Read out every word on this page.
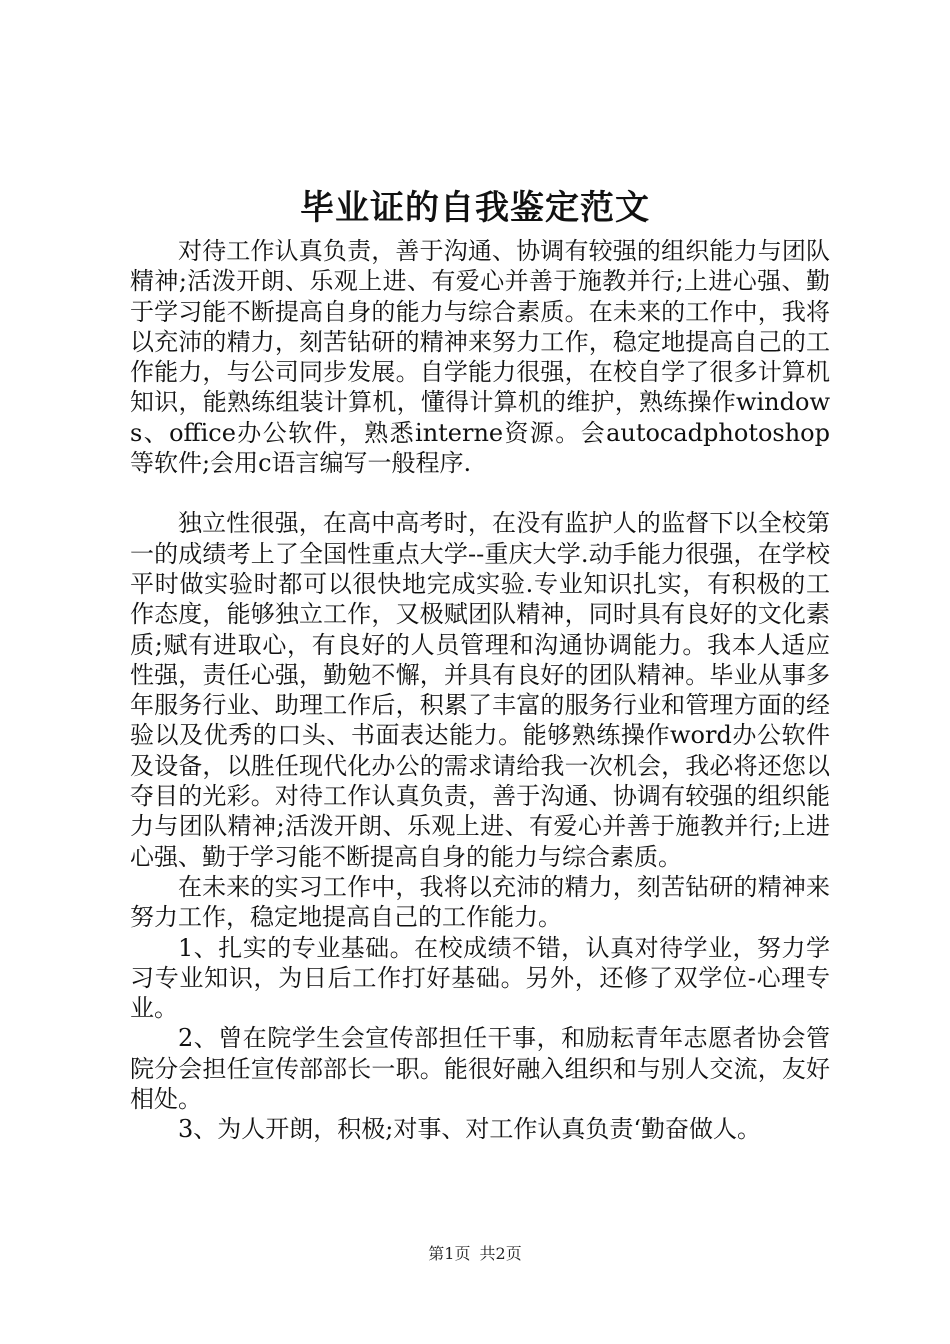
毕业证的自我鉴定范文

对待工作认真负责，善于沟通、协调有较强的组织能力与团队精神;活泼开朗、乐观上进、有爱心并善于施教并行;上进心强、勤于学习能不断提高自身的能力与综合素质。在未来的工作中，我将以充沛的精力，刻苦钻研的精神来努力工作，稳定地提高自己的工作能力，与公司同步发展。自学能力很强，在校自学了很多计算机知识，能熟练组装计算机，懂得计算机的维护，熟练操作windows、office办公软件，熟悉interne资源。会autocadphotoshop等软件;会用c语言编写一般程序.

独立性很强，在高中高考时，在没有监护人的监督下以全校第一的成绩考上了全国性重点大学--重庆大学.动手能力很强，在学校平时做实验时都可以很快地完成实验.专业知识扎实，有积极的工作态度，能够独立工作，又极赋团队精神，同时具有良好的文化素质;赋有进取心，有良好的人员管理和沟通协调能力。我本人适应性强，责任心强，勤勉不懈，并具有良好的团队精神。毕业从事多年服务行业、助理工作后，积累了丰富的服务行业和管理方面的经验以及优秀的口头、书面表达能力。能够熟练操作word办公软件及设备，以胜任现代化办公的需求请给我一次机会，我必将还您以夺目的光彩。对待工作认真负责，善于沟通、协调有较强的组织能力与团队精神;活泼开朗、乐观上进、有爱心并善于施教并行;上进心强、勤于学习能不断提高自身的能力与综合素质。

在未来的实习工作中，我将以充沛的精力，刻苦钻研的精神来努力工作，稳定地提高自己的工作能力。

1、扎实的专业基础。在校成绩不错，认真对待学业，努力学习专业知识，为日后工作打好基础。另外，还修了双学位-心理专业。

2、曾在院学生会宣传部担任干事，和励耘青年志愿者协会管院分会担任宣传部部长一职。能很好融入组织和与别人交流，友好相处。

3、为人开朗，积极;对事、对工作认真负责‘勤奋做人。

第1页 共2页
